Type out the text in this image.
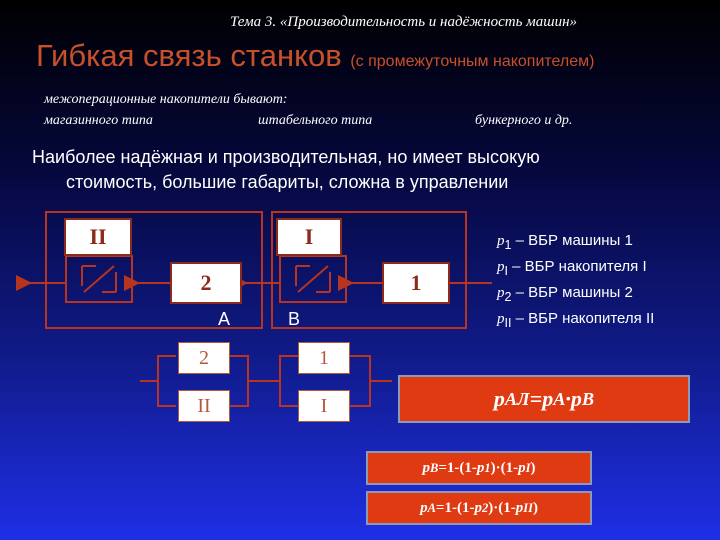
Тема 3. «Производительность и надёжность машин»
Гибкая связь станков (с промежуточным накопителем)
межоперационные накопители бывают:
магазинного типа	штабельного типа	бункерного и др.
Наиболее надёжная и производительная, но имеет высокую
стоимость, большие габариты, сложна в управлении
II	I
2	1
А	В
2
II
1
I
$p_1$ – ВБР машины 1
$p_I$ – ВБР накопителя I
$p_2$ – ВБР машины 2
$p_{II}$ – ВБР накопителя II
p АЛ = p А · p В
p В =1-(1- p 1 )·(1- p I )
p А =1-(1- p 2 )·(1- p II )
